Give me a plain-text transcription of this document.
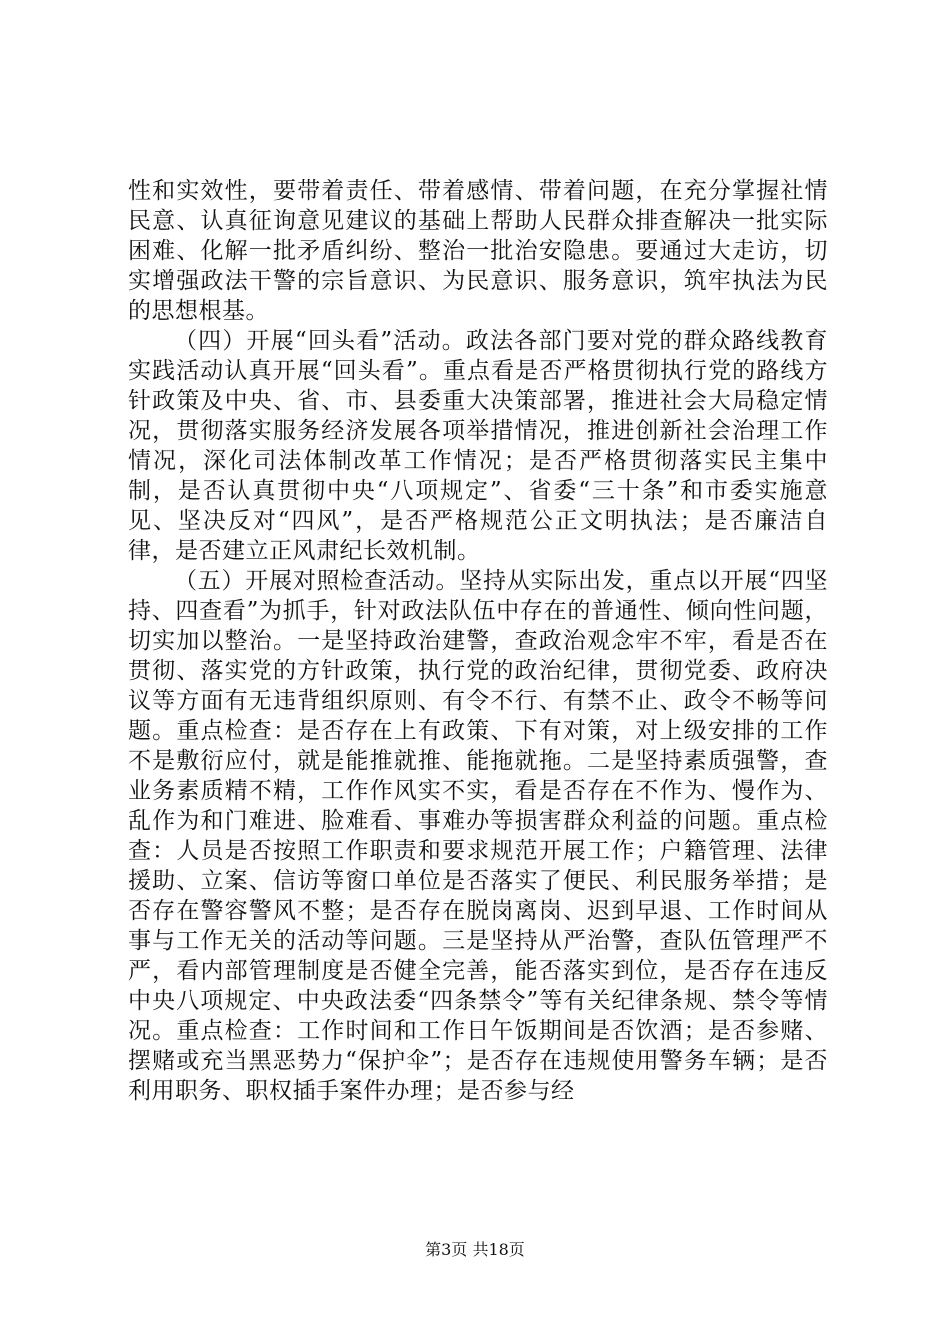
性和实效性，要带着责任、带着感情、带着问题，在充分掌握社情民意、认真征询意见建议的基础上帮助人民群众排查解决一批实际困难、化解一批矛盾纠纷、整治一批治安隐患。要通过大走访，切实增强政法干警的宗旨意识、为民意识、服务意识，筑牢执法为民的思想根基。

（四）开展“回头看”活动。政法各部门要对党的群众路线教育实践活动认真开展“回头看”。重点看是否严格贯彻执行党的路线方针政策及中央、省、市、县委重大决策部署，推进社会大局稳定情况，贯彻落实服务经济发展各项举措情况，推进创新社会治理工作情况，深化司法体制改革工作情况；是否严格贯彻落实民主集中制，是否认真贯彻中央“八项规定”、省委“三十条”和市委实施意见、坚决反对“四风”，是否严格规范公正文明执法；是否廉洁自律，是否建立正风肃纪长效机制。

（五）开展对照检查活动。坚持从实际出发，重点以开展“四坚持、四查看”为抓手，针对政法队伍中存在的普通性、倾向性问题，切实加以整治。一是坚持政治建警，查政治观念牢不牢，看是否在贯彻、落实党的方针政策，执行党的政治纪律，贯彻党委、政府决议等方面有无违背组织原则、有令不行、有禁不止、政令不畅等问题。重点检查：是否存在上有政策、下有对策，对上级安排的工作不是敷衍应付，就是能推就推、能拖就拖。二是坚持素质强警，查业务素质精不精，工作作风实不实，看是否存在不作为、慢作为、乱作为和门难进、脸难看、事难办等损害群众利益的问题。重点检查：人员是否按照工作职责和要求规范开展工作；户籍管理、法律援助、立案、信访等窗口单位是否落实了便民、利民服务举措；是否存在警容警风不整；是否存在脱岗离岗、迟到早退、工作时间从事与工作无关的活动等问题。三是坚持从严治警，查队伍管理严不严，看内部管理制度是否健全完善，能否落实到位，是否存在违反中央八项规定、中央政法委“四条禁令”等有关纪律条规、禁令等情况。重点检查：工作时间和工作日午饭期间是否饮酒；是否参赌、摆赌或充当黑恶势力“保护伞”；是否存在违规使用警务车辆；是否利用职务、职权插手案件办理；是否参与经

第3页 共18页
